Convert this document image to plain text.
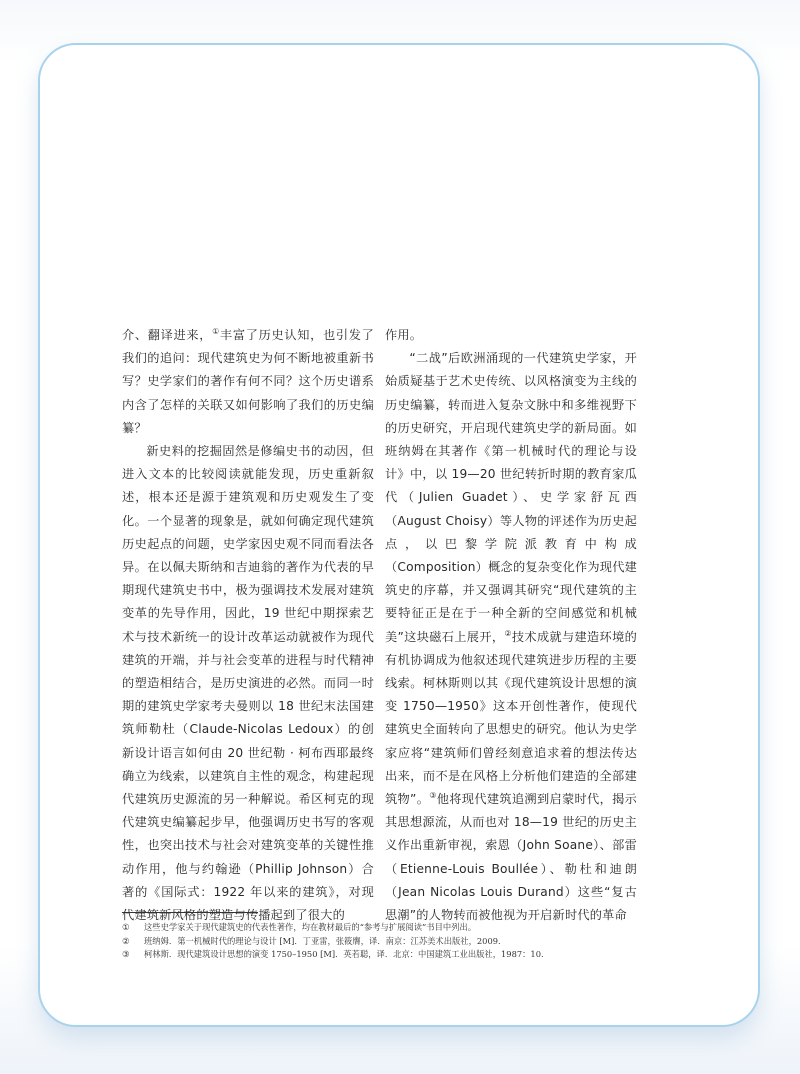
介、翻译进来，①丰富了历史认知，也引发了我们的追问：现代建筑史为何不断地被重新书写？史学家们的著作有何不同？这个历史谱系内含了怎样的关联又如何影响了我们的历史编纂？

新史料的挖掘固然是修编史书的动因，但进入文本的比较阅读就能发现，历史重新叙述，根本还是源于建筑观和历史观发生了变化。一个显著的现象是，就如何确定现代建筑历史起点的问题，史学家因史观不同而看法各异。在以佩夫斯纳和吉迪翁的著作为代表的早期现代建筑史书中，极为强调技术发展对建筑变革的先导作用，因此，19 世纪中期探索艺术与技术新统一的设计改革运动就被作为现代建筑的开端，并与社会变革的进程与时代精神的塑造相结合，是历史演进的必然。而同一时期的建筑史学家考夫曼则以 18 世纪末法国建筑师勒杜（Claude-Nicolas Ledoux）的创新设计语言如何由 20 世纪勒 · 柯布西耶最终确立为线索，以建筑自主性的观念，构建起现代建筑历史源流的另一种解说。希区柯克的现代建筑史编纂起步早，他强调历史书写的客观性，也突出技术与社会对建筑变革的关键性推动作用，他与约翰逊（Phillip Johnson）合著的《国际式：1922 年以来的建筑》，对现代建筑新风格的塑造与传播起到了很大的

作用。

“二战”后欧洲涌现的一代建筑史学家，开始质疑基于艺术史传统、以风格演变为主线的历史编纂，转而进入复杂文脉中和多维视野下的历史研究，开启现代建筑史学的新局面。如班纳姆在其著作《第一机械时代的理论与设计》中，以 19—20 世纪转折时期的教育家瓜代（Julien Guadet）、史学家舒瓦西（August Choisy）等人物的评述作为历史起点，以巴黎学院派教育中构成（Composition）概念的复杂变化作为现代建筑史的序幕，并又强调其研究“现代建筑的主要特征正是在于一种全新的空间感觉和机械美”这块磁石上展开，②技术成就与建造环境的有机协调成为他叙述现代建筑进步历程的主要线索。柯林斯则以其《现代建筑设计思想的演变 1750—1950》这本开创性著作，使现代建筑史全面转向了思想史的研究。他认为史学家应将“建筑师们曾经刻意追求着的想法传达出来，而不是在风格上分析他们建造的全部建筑物”。③他将现代建筑追溯到启蒙时代，揭示其思想源流，从而也对 18—19 世纪的历史主义作出重新审视，索恩（John Soane）、部雷（Etienne-Louis Boullée）、勒杜和迪朗（Jean Nicolas Louis Durand）这些“复古思潮”的人物转而被他视为开启新时代的革命

① 这些史学家关于现代建筑史的代表性著作，均在教材最后的“参考与扩展阅读”书目中列出。
② 班纳姆．第一机械时代的理论与设计 [M]．丁亚雷，张筱膺，译．南京：江苏美术出版社，2009.
③ 柯林斯．现代建筑设计思想的演变 1750–1950 [M]．英若聪，译．北京：中国建筑工业出版社，1987：10.
